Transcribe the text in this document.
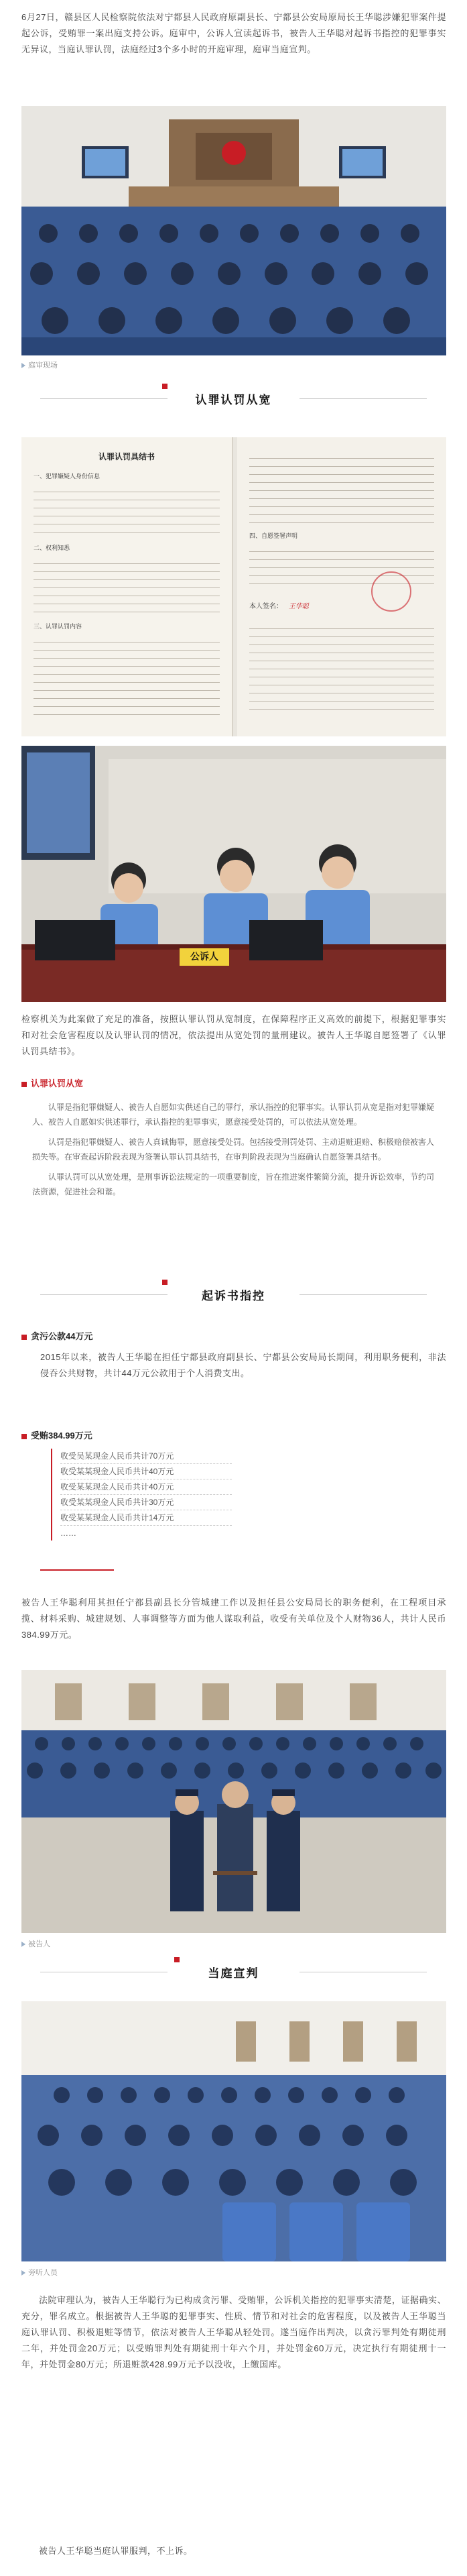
6月27日，赣县区人民检察院依法对宁都县人民政府原副县长、宁都县公安局原局长王华聪涉嫌犯罪案件提起公诉，受贿罪一案出庭支持公诉。庭审中，公诉人宣读起诉书，被告人王华聪对起诉书指控的犯罪事实无异议，当庭认罪认罚，法庭经过3个多小时的开庭审理，庭审当庭宣判。
庭审现场
认罪认罚从宽
认罪认罚具结书
一、犯罪嫌疑人身份信息
二、权利知悉
三、认罪认罚内容
四、自愿签署声明
本人签名： 王华聪
公诉人
检察机关为此案做了充足的准备，按照认罪认罚从宽制度，在保障程序正义高效的前提下，根据犯罪事实和对社会危害程度以及认罪认罚的情况，依法提出从宽处罚的量刑建议。被告人王华聪自愿签署了《认罪认罚具结书》。
认罪认罚从宽

认罪是指犯罪嫌疑人、被告人自愿如实供述自己的罪行，承认指控的犯罪事实。认罪认罚从宽是指对犯罪嫌疑人、被告人自愿如实供述罪行，承认指控的犯罪事实，愿意接受处罚的，可以依法从宽处理。

认罚是指犯罪嫌疑人、被告人真诚悔罪，愿意接受处罚。包括接受刑罚处罚、主动退赃退赔、积极赔偿被害人损失等。在审查起诉阶段表现为签署认罪认罚具结书，在审判阶段表现为当庭确认自愿签署具结书。

认罪认罚可以从宽处理，是刑事诉讼法规定的一项重要制度，旨在推进案件繁简分流，提升诉讼效率，节约司法资源，促进社会和谐。

起诉书指控
贪污公款44万元
2015年以来，被告人王华聪在担任宁都县政府副县长、宁都县公安局局长期间，利用职务便利，非法侵吞公共财物，共计44万元公款用于个人消费支出。
受贿384.99万元
收受吴某现金人民币共计70万元
收受某某现金人民币共计40万元
收受某某现金人民币共计40万元
收受某某现金人民币共计30万元
收受某某现金人民币共计14万元
……
被告人王华聪利用其担任宁都县副县长分管城建工作以及担任县公安局局长的职务便利，在工程项目承揽、材料采购、城建规划、人事调整等方面为他人谋取利益，收受有关单位及个人财物36人，共计人民币384.99万元。
被告人
当庭宣判
旁听人员
法院审理认为，被告人王华聪行为已构成贪污罪、受贿罪，公诉机关指控的犯罪事实清楚，证据确实、充分，罪名成立。根据被告人王华聪的犯罪事实、性质、情节和对社会的危害程度，以及被告人王华聪当庭认罪认罚、积极退赃等情节，依法对被告人王华聪从轻处罚。遂当庭作出判决，以贪污罪判处有期徒刑二年，并处罚金20万元；以受贿罪判处有期徒刑十年六个月，并处罚金60万元，决定执行有期徒刑十一年，并处罚金80万元；所退赃款428.99万元予以没收，上缴国库。
被告人王华聪当庭认罪服判，不上诉。
